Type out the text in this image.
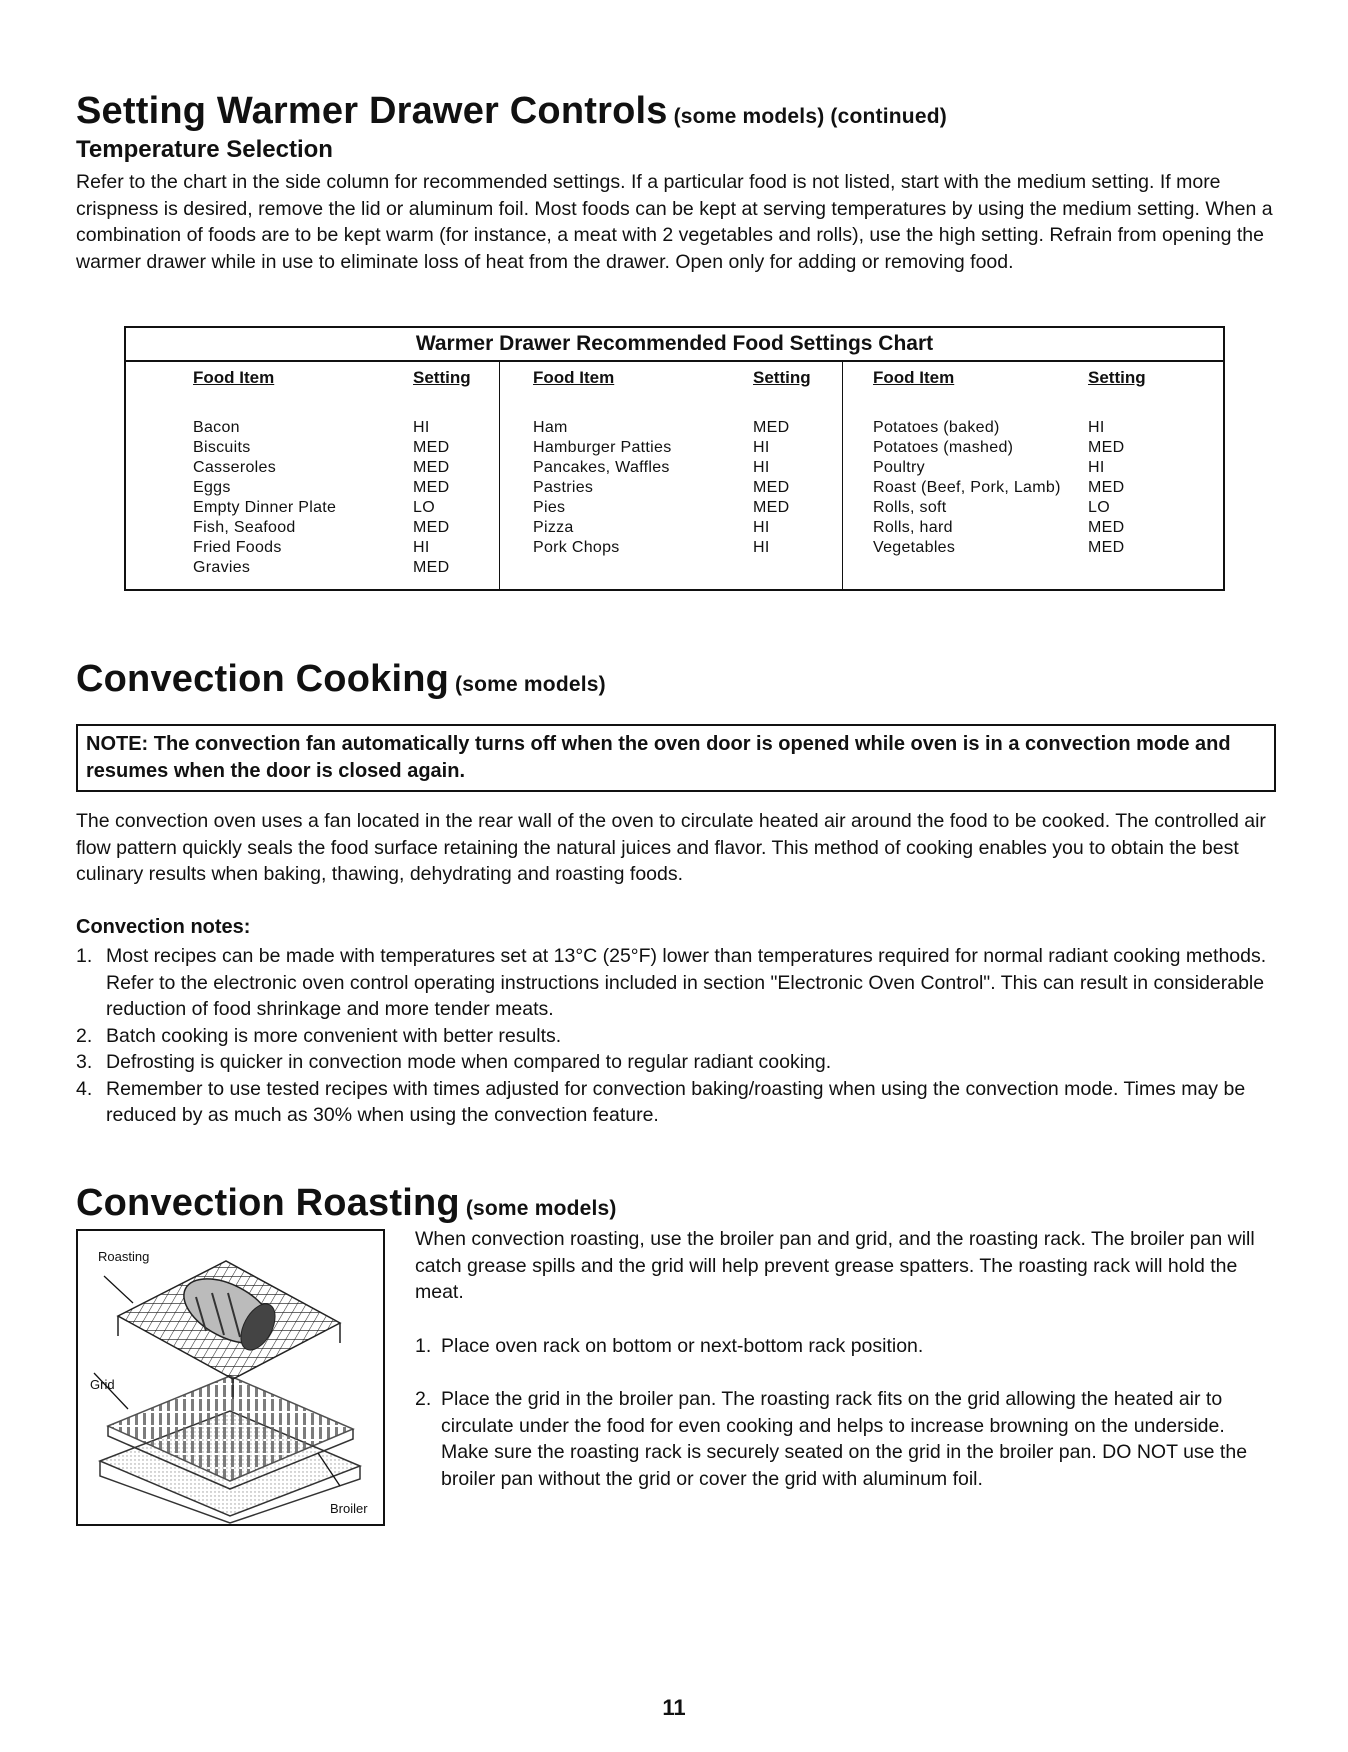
Setting Warmer Drawer Controls (some models) (continued)
Temperature Selection
Refer to the chart in the side column for recommended settings. If a particular food is not listed, start with the medium setting. If more crispness is desired, remove the lid or aluminum foil. Most foods can be kept at serving temperatures by using the medium setting. When a combination of foods are to be kept warm (for instance, a meat with 2 vegetables and rolls), use the high setting. Refrain from opening the warmer drawer while in use to eliminate loss of heat from the drawer. Open only for adding or removing food.
Warmer Drawer Recommended Food Settings Chart
Food Item
Bacon
Biscuits
Casseroles
Eggs
Empty Dinner Plate
Fish, Seafood
Fried Foods
Gravies
Setting
HI
MED
MED
MED
LO
MED
HI
MED
Food Item
Ham
Hamburger Patties
Pancakes, Waffles
Pastries
Pies
Pizza
Pork Chops
Setting
MED
HI
HI
MED
MED
HI
HI
Food Item
Potatoes (baked)
Potatoes (mashed)
Poultry
Roast (Beef, Pork, Lamb)
Rolls, soft
Rolls, hard
Vegetables
Setting
HI
MED
HI
MED
LO
MED
MED
Convection Cooking (some models)
NOTE: The convection fan automatically turns off when the oven door is opened while oven is in a convection mode and resumes when the door is closed again.
The convection oven uses a fan located in the rear wall of the oven to circulate heated air around the food to be cooked. The controlled air flow pattern quickly seals the food surface retaining the natural juices and flavor. This method of cooking enables you to obtain the best culinary results when baking, thawing, dehydrating and roasting foods.
Convection notes:
1. Most recipes can be made with temperatures set at 13°C (25°F) lower than temperatures required for normal radiant cooking methods. Refer to the electronic oven control operating instructions included in section "Electronic Oven Control". This can result in considerable reduction of food shrinkage and more tender meats.
2. Batch cooking is more convenient with better results.
3. Defrosting is quicker in convection mode when compared to regular radiant cooking.
4. Remember to use tested recipes with times adjusted for convection baking/roasting when using the convection mode. Times may be reduced by as much as 30% when using the convection feature.
Convection Roasting (some models)
Roasting
Grid
Broiler
When convection roasting, use the broiler pan and grid, and the roasting rack. The broiler pan will catch grease spills and the grid will help prevent grease spatters. The roasting rack will hold the meat.
1. Place oven rack on bottom or next-bottom rack position.
2. Place the grid in the broiler pan. The roasting rack fits on the grid allowing the heated air to circulate under the food for even cooking and helps to increase browning on the underside. Make sure the roasting rack is securely seated on the grid in the broiler pan. DO NOT use the broiler pan without the grid or cover the grid with aluminum foil.
11
